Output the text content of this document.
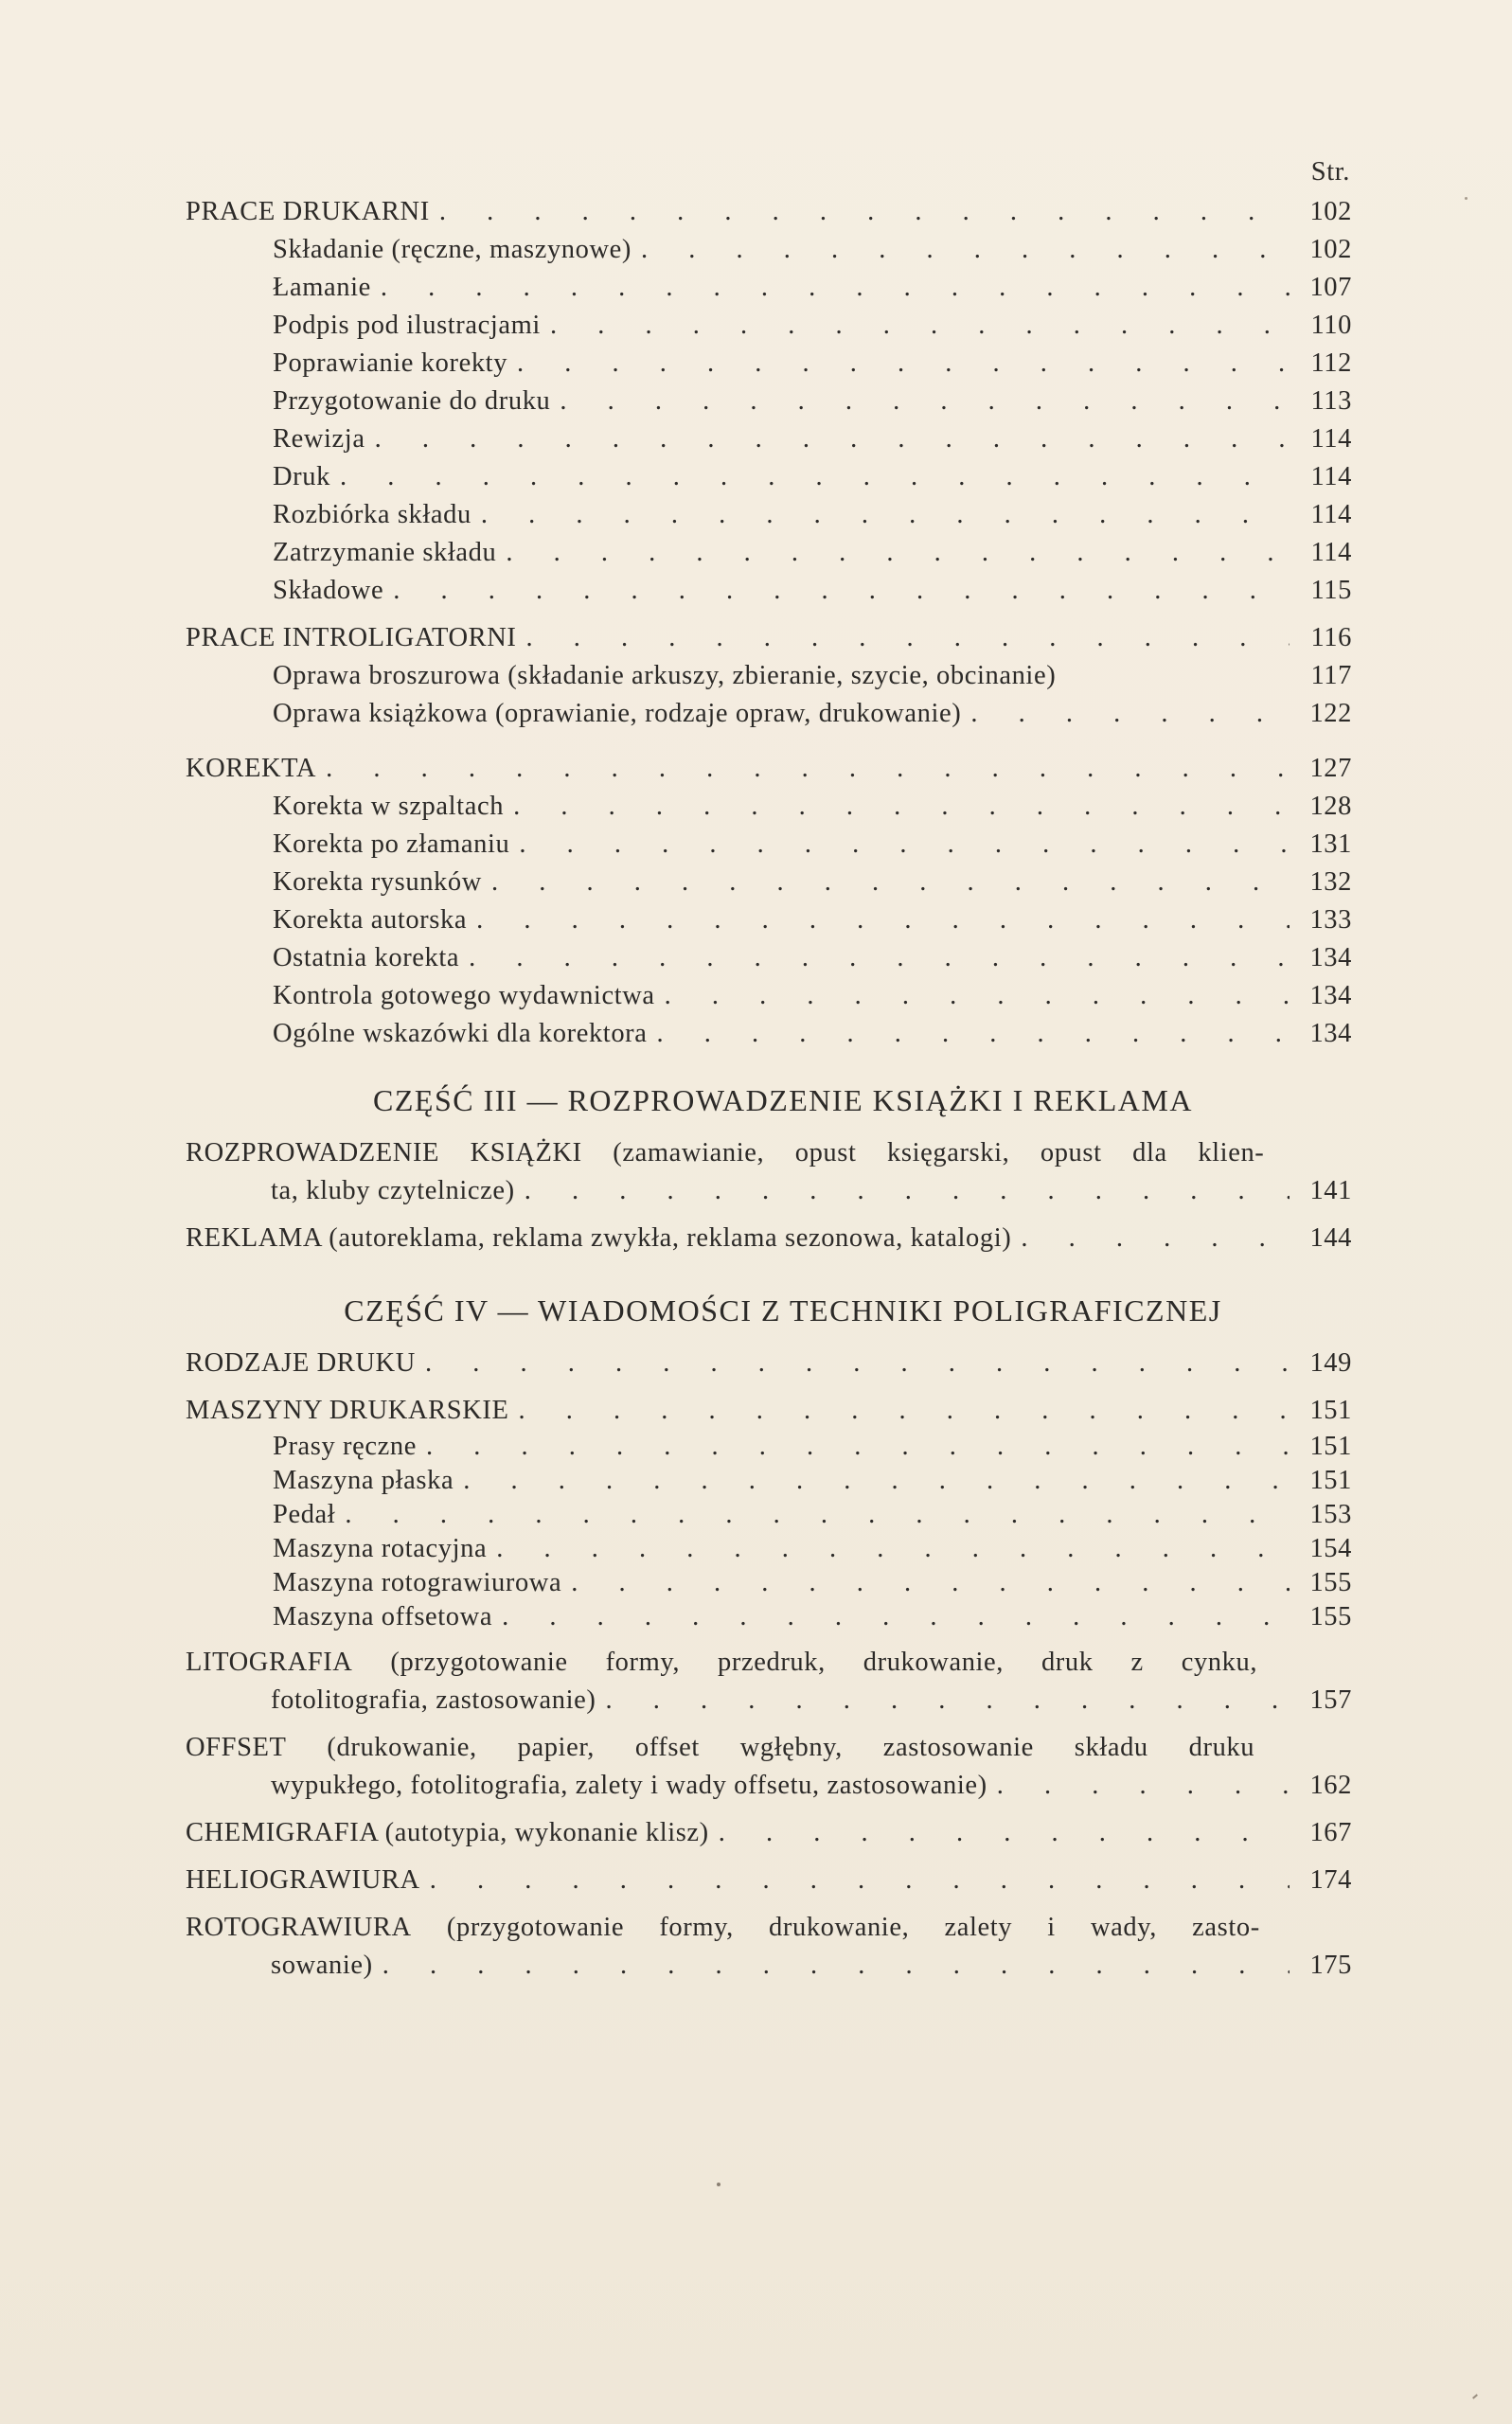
Str.
PRACE DRUKARNI . . .	102
Składanie (ręczne, maszynowe) . . .	102
Łamanie . . .	107
Podpis pod ilustracjami . . .	110
Poprawianie korekty . . .	112
Przygotowanie do druku . . .	113
Rewizja . . .	114
Druk . . .	114
Rozbiórka składu . . .	114
Zatrzymanie składu . . .	114
Składowe . . .	115
PRACE INTROLIGATORNI . . .	116
Oprawa broszurowa (składanie arkuszy, zbieranie, szycie, obcinanie)	117
Oprawa książkowa (oprawianie, rodzaje opraw, drukowanie) . . .	122
KOREKTA . . .	127
Korekta w szpaltach . . .	128
Korekta po złamaniu . . .	131
Korekta rysunków . . .	132
Korekta autorska . . .	133
Ostatnia korekta . . .	134
Kontrola gotowego wydawnictwa . . .	134
Ogólne wskazówki dla korektora . . .	134
CZĘŚĆ III — ROZPROWADZENIE KSIĄŻKI I REKLAMA
ROZPROWADZENIE KSIĄŻKI (zamawianie, opust księgarski, opust dla klien-
ta, kluby czytelnicze) . . .	141
REKLAMA (autoreklama, reklama zwykła, reklama sezonowa, katalogi) . . .	144
CZĘŚĆ IV — WIADOMOŚCI Z TECHNIKI POLIGRAFICZNEJ
RODZAJE DRUKU . . .	149
MASZYNY DRUKARSKIE . . .	151
Prasy ręczne . . .	151
Maszyna płaska . . .	151
Pedał . . .	153
Maszyna rotacyjna . . .	154
Maszyna rotograwiurowa . . .	155
Maszyna offsetowa . . .	155
LITOGRAFIA (przygotowanie formy, przedruk, drukowanie, druk z cynku,
fotolitografia, zastosowanie) . . .	157
OFFSET (drukowanie, papier, offset wgłębny, zastosowanie składu druku
wypukłego, fotolitografia, zalety i wady offsetu, zastosowanie) . . .	162
CHEMIGRAFIA (autotypia, wykonanie klisz) . . .	167
HELIOGRAWIURA . . .	174
ROTOGRAWIURA (przygotowanie formy, drukowanie, zalety i wady, zasto-
sowanie) . . .	175
